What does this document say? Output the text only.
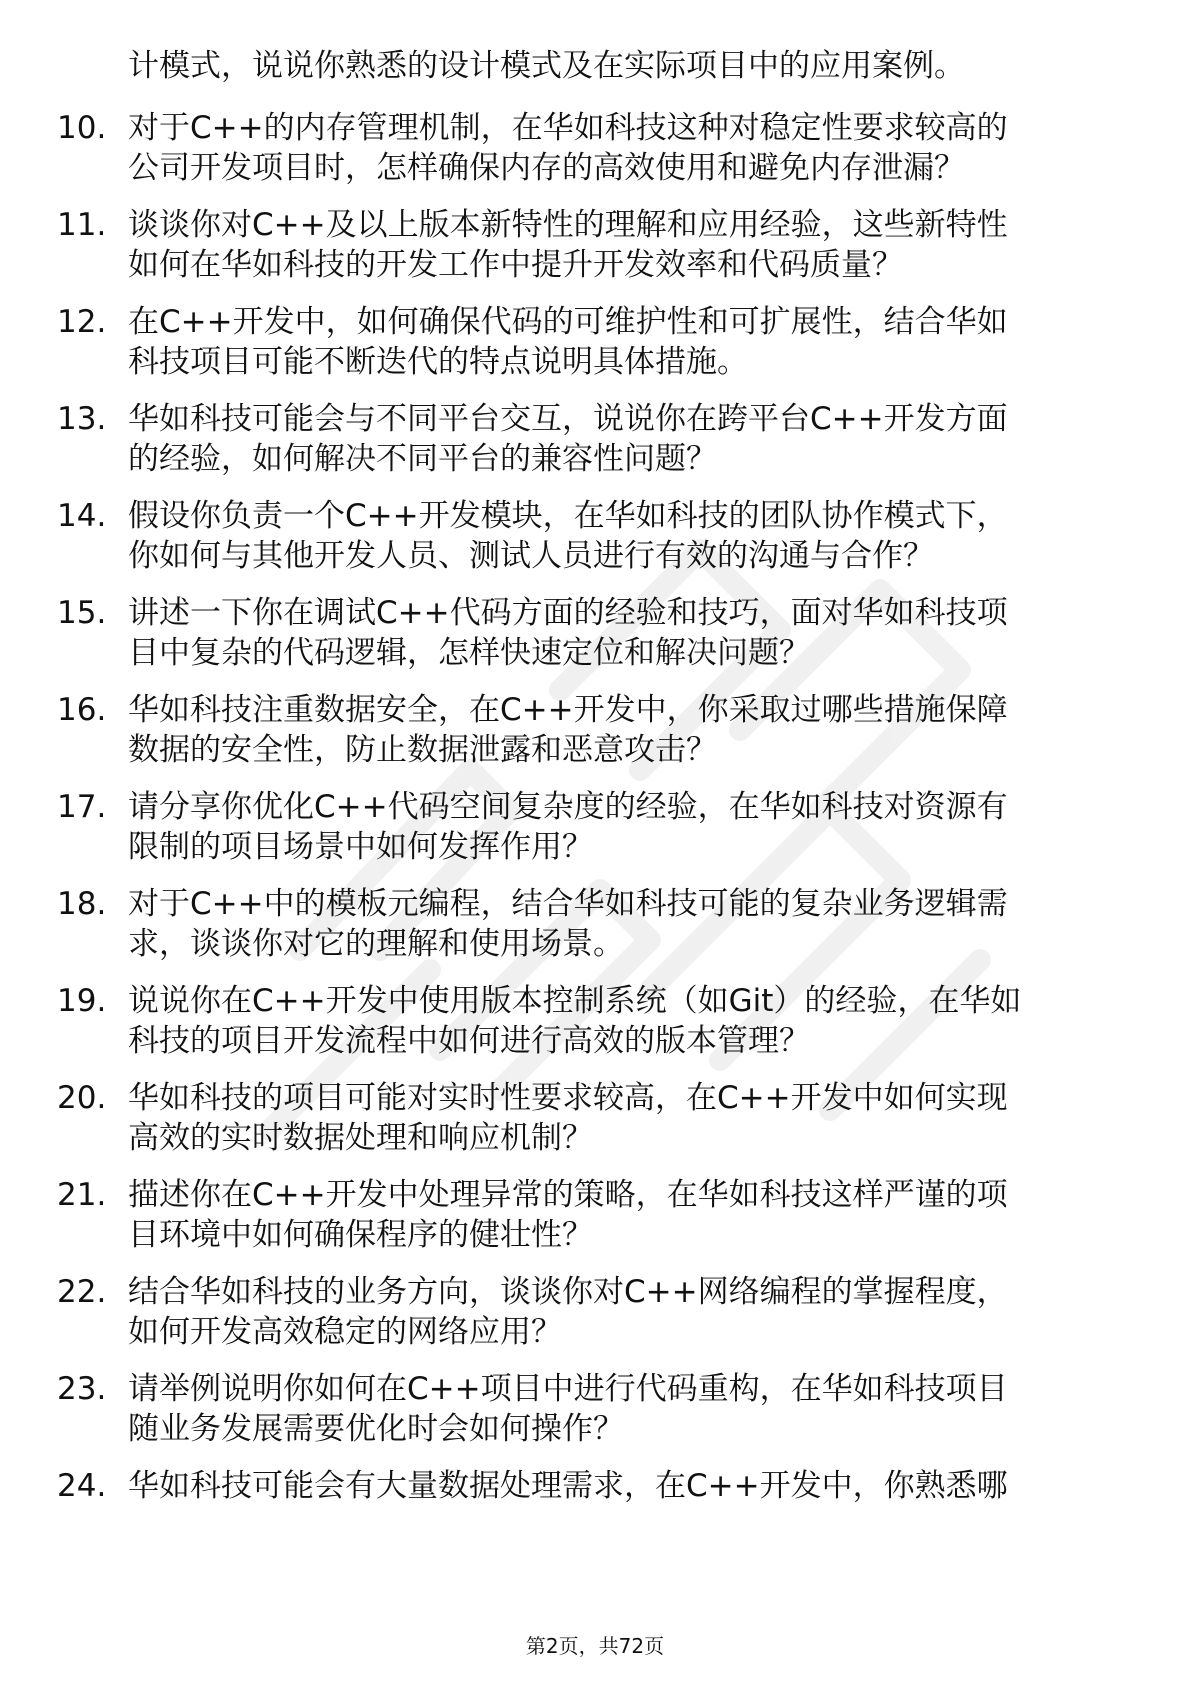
计模式，说说你熟悉的设计模式及在实际项目中的应用案例。
10. 对于C++的内存管理机制，在华如科技这种对稳定性要求较高的
公司开发项目时，怎样确保内存的高效使用和避免内存泄漏？
11. 谈谈你对C++及以上版本新特性的理解和应用经验，这些新特性
如何在华如科技的开发工作中提升开发效率和代码质量？
12. 在C++开发中，如何确保代码的可维护性和可扩展性，结合华如
科技项目可能不断迭代的特点说明具体措施。
13. 华如科技可能会与不同平台交互，说说你在跨平台C++开发方面
的经验，如何解决不同平台的兼容性问题？
14. 假设你负责一个C++开发模块，在华如科技的团队协作模式下，
你如何与其他开发人员、测试人员进行有效的沟通与合作？
15. 讲述一下你在调试C++代码方面的经验和技巧，面对华如科技项
目中复杂的代码逻辑，怎样快速定位和解决问题？
16. 华如科技注重数据安全，在C++开发中，你采取过哪些措施保障
数据的安全性，防止数据泄露和恶意攻击？
17. 请分享你优化C++代码空间复杂度的经验，在华如科技对资源有
限制的项目场景中如何发挥作用？
18. 对于C++中的模板元编程，结合华如科技可能的复杂业务逻辑需
求，谈谈你对它的理解和使用场景。
19. 说说你在C++开发中使用版本控制系统（如Git）的经验，在华如
科技的项目开发流程中如何进行高效的版本管理？
20. 华如科技的项目可能对实时性要求较高，在C++开发中如何实现
高效的实时数据处理和响应机制？
21. 描述你在C++开发中处理异常的策略，在华如科技这样严谨的项
目环境中如何确保程序的健壮性？
22. 结合华如科技的业务方向，谈谈你对C++网络编程的掌握程度，
如何开发高效稳定的网络应用？
23. 请举例说明你如何在C++项目中进行代码重构，在华如科技项目
随业务发展需要优化时会如何操作？
24. 华如科技可能会有大量数据处理需求，在C++开发中，你熟悉哪
第2页，共72页
